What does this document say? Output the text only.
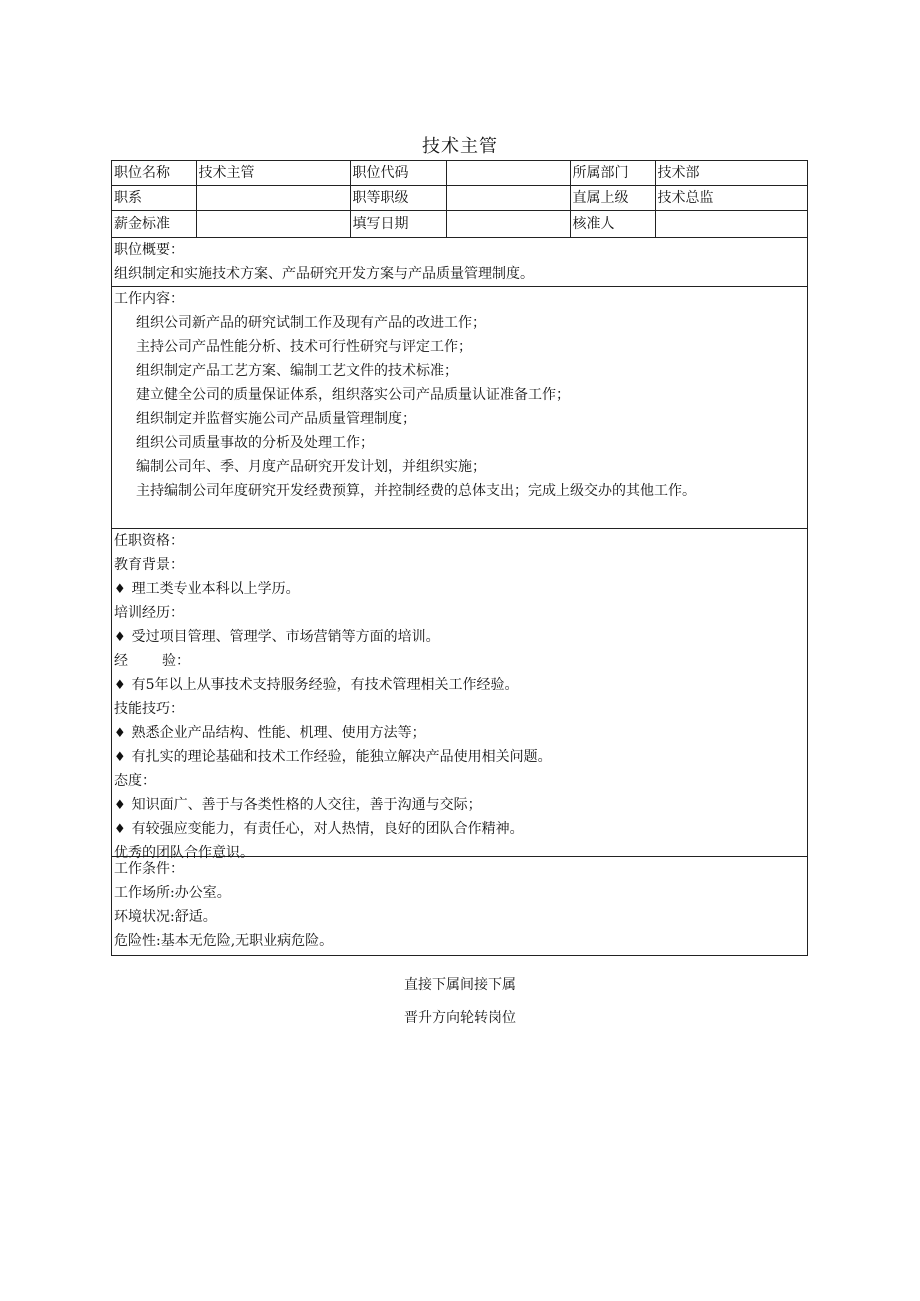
技术主管
职位名称	技术主管	职位代码		所属部门	技术部
职系		职等职级		直属上级	技术总监
薪金标准		填写日期		核准人	
职位概要：
组织制定和实施技术方案、产品研究开发方案与产品质量管理制度。
工作内容：
组织公司新产品的研究试制工作及现有产品的改进工作；
主持公司产品性能分析、技术可行性研究与评定工作；
组织制定产品工艺方案、编制工艺文件的技术标准；
建立健全公司的质量保证体系，组织落实公司产品质量认证准备工作；
组织制定并监督实施公司产品质量管理制度；
组织公司质量事故的分析及处理工作；
编制公司年、季、月度产品研究开发计划，并组织实施；
主持编制公司年度研究开发经费预算，并控制经费的总体支出；完成上级交办的其他工作。
任职资格：
教育背景：
♦ 理工类专业本科以上学历。
培训经历：
♦ 受过项目管理、管理学、市场营销等方面的培训。
经 验：
♦ 有5年以上从事技术支持服务经验，有技术管理相关工作经验。
技能技巧：
♦ 熟悉企业产品结构、性能、机理、使用方法等；
♦ 有扎实的理论基础和技术工作经验，能独立解决产品使用相关问题。
态度：
♦ 知识面广、善于与各类性格的人交往，善于沟通与交际；
♦ 有较强应变能力，有责任心，对人热情，良好的团队合作精神。
优秀的团队合作意识。
工作条件：
工作场所:办公室。
环境状况:舒适。
危险性:基本无危险,无职业病危险。
直接下属间接下属
晋升方向轮转岗位
